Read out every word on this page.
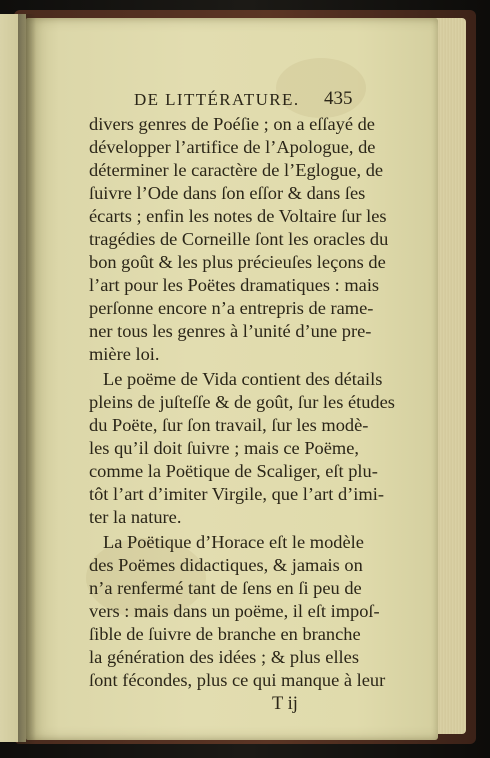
DE LITTÉRATURE.	435
divers genres de Poéſie ; on a eſſayé de
développer l’artifice de l’Apologue, de
déterminer le caractère de l’Eglogue, de
ſuivre l’Ode dans ſon eſſor & dans ſes
écarts ; enfin les notes de Voltaire ſur les
tragédies de Corneille ſont les oracles du
bon goût & les plus précieuſes leçons de
l’art pour les Poëtes dramatiques : mais
perſonne encore n’a entrepris de rame-
ner tous les genres à l’unité d’une pre-
mière loi.
Le poëme de Vida contient des détails
pleins de juſteſſe & de goût, ſur les études
du Poëte, ſur ſon travail, ſur les modè-
les qu’il doit ſuivre ; mais ce Poëme,
comme la Poëtique de Scaliger, eſt plu-
tôt l’art d’imiter Virgile, que l’art d’imi-
ter la nature.
La Poëtique d’Horace eſt le modèle
des Poëmes didactiques, & jamais on
n’a renfermé tant de ſens en ſi peu de
vers : mais dans un poëme, il eſt impoſ-
ſible de ſuivre de branche en branche
la génération des idées ; & plus elles
ſont fécondes, plus ce qui manque à leur
T ij
